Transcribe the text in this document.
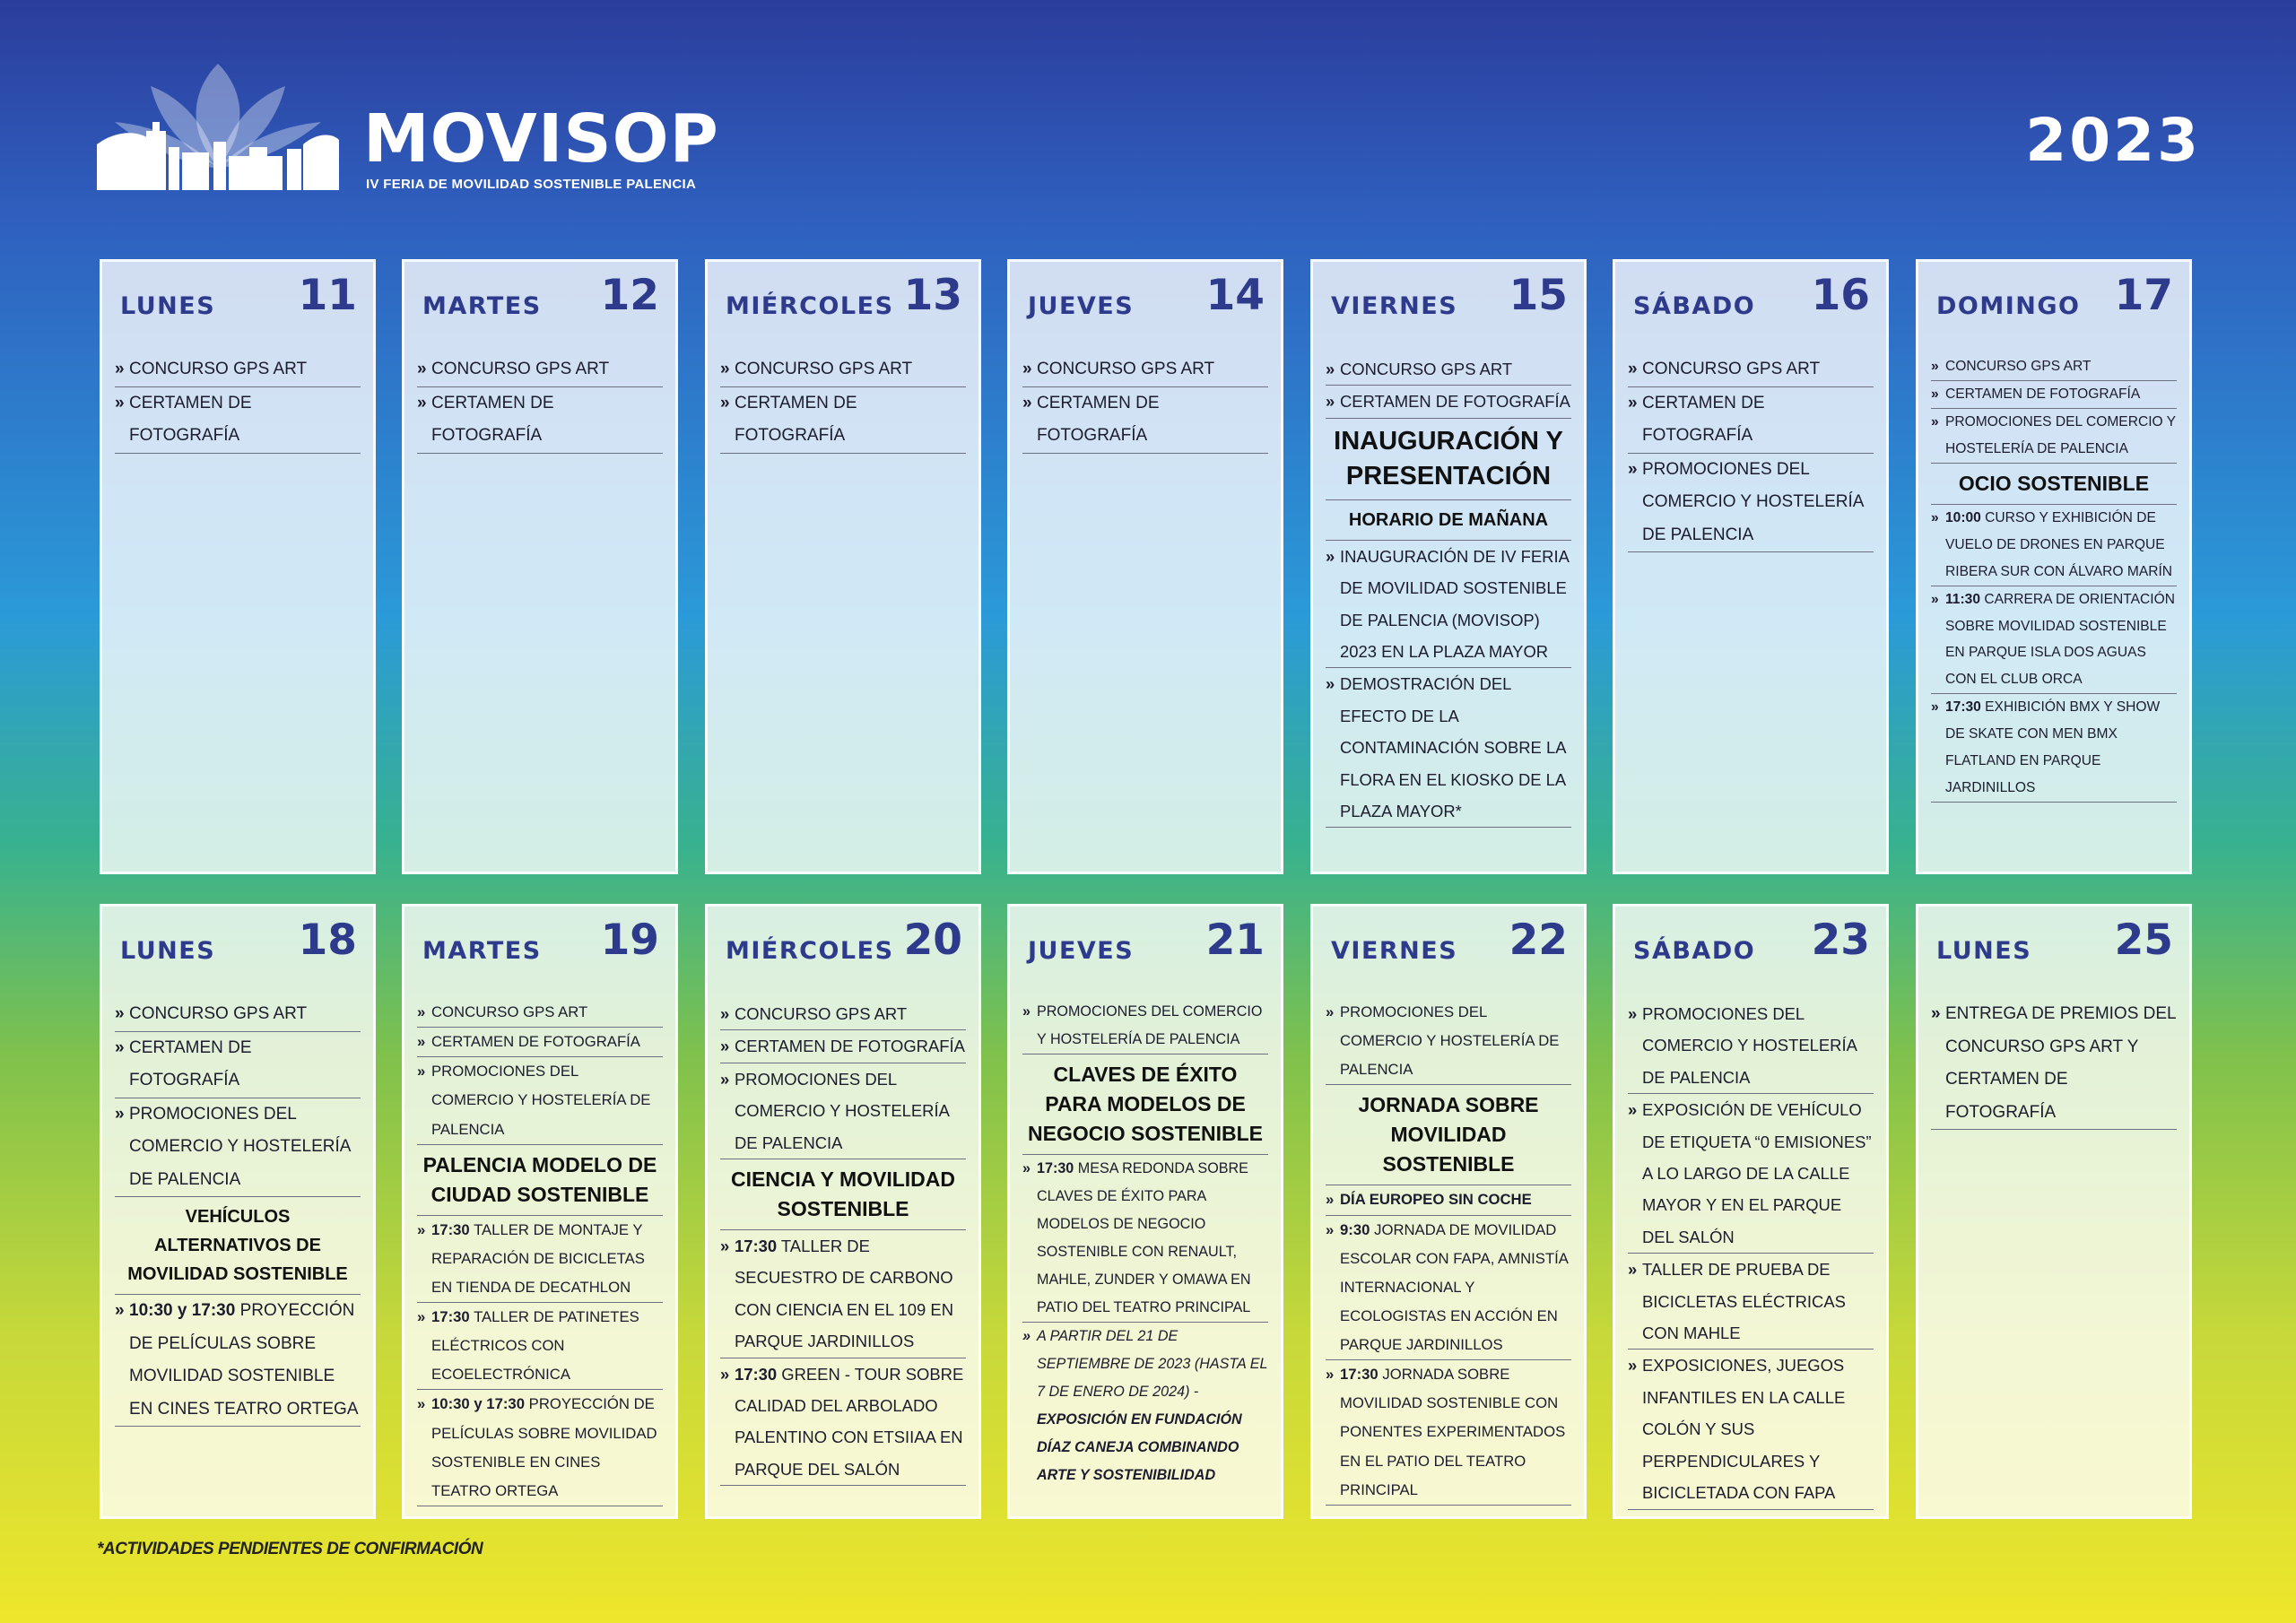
MOVISOP
IV FERIA DE MOVILIDAD SOSTENIBLE PALENCIA
2023
LUNES 11
» CONCURSO GPS ART
» CERTAMEN DE FOTOGRAFÍA
MARTES 12
» CONCURSO GPS ART
» CERTAMEN DE FOTOGRAFÍA
MIÉRCOLES 13
» CONCURSO GPS ART
» CERTAMEN DE FOTOGRAFÍA
JUEVES 14
» CONCURSO GPS ART
» CERTAMEN DE FOTOGRAFÍA
VIERNES 15
» CONCURSO GPS ART
» CERTAMEN DE FOTOGRAFÍA
INAUGURACIÓN Y PRESENTACIÓN
HORARIO DE MAÑANA
» INAUGURACIÓN DE IV FERIA DE MOVILIDAD SOSTENIBLE DE PALENCIA (MOVISOP) 2023 EN LA PLAZA MAYOR
» DEMOSTRACIÓN DEL EFECTO DE LA CONTAMINACIÓN SOBRE LA FLORA EN EL KIOSKO DE LA PLAZA MAYOR*
SÁBADO 16
» CONCURSO GPS ART
» CERTAMEN DE FOTOGRAFÍA
» PROMOCIONES DEL COMERCIO Y HOSTELERÍA DE PALENCIA
DOMINGO 17
» CONCURSO GPS ART
» CERTAMEN DE FOTOGRAFÍA
» PROMOCIONES DEL COMERCIO Y HOSTELERÍA DE PALENCIA
OCIO SOSTENIBLE
» 10:00 CURSO Y EXHIBICIÓN DE VUELO DE DRONES EN PARQUE RIBERA SUR CON ÁLVARO MARÍN
» 11:30 CARRERA DE ORIENTACIÓN SOBRE MOVILIDAD SOSTENIBLE EN PARQUE ISLA DOS AGUAS CON EL CLUB ORCA
» 17:30 EXHIBICIÓN BMX Y SHOW DE SKATE CON MEN BMX FLATLAND EN PARQUE JARDINILLOS
LUNES 18
» CONCURSO GPS ART
» CERTAMEN DE FOTOGRAFÍA
» PROMOCIONES DEL COMERCIO Y HOSTELERÍA DE PALENCIA
VEHÍCULOS ALTERNATIVOS DE MOVILIDAD SOSTENIBLE
» 10:30 y 17:30 PROYECCIÓN DE PELÍCULAS SOBRE MOVILIDAD SOSTENIBLE EN CINES TEATRO ORTEGA
MARTES 19
» CONCURSO GPS ART
» CERTAMEN DE FOTOGRAFÍA
» PROMOCIONES DEL COMERCIO Y HOSTELERÍA DE PALENCIA
PALENCIA MODELO DE CIUDAD SOSTENIBLE
» 17:30 TALLER DE MONTAJE Y REPARACIÓN DE BICICLETAS EN TIENDA DE DECATHLON
» 17:30 TALLER DE PATINETES ELÉCTRICOS CON ECOELECTRÓNICA
» 10:30 y 17:30 PROYECCIÓN DE PELÍCULAS SOBRE MOVILIDAD SOSTENIBLE EN CINES TEATRO ORTEGA
MIÉRCOLES 20
» CONCURSO GPS ART
» CERTAMEN DE FOTOGRAFÍA
» PROMOCIONES DEL COMERCIO Y HOSTELERÍA DE PALENCIA
CIENCIA Y MOVILIDAD SOSTENIBLE
» 17:30 TALLER DE SECUESTRO DE CARBONO CON CIENCIA EN EL 109 EN PARQUE JARDINILLOS
» 17:30 GREEN - TOUR SOBRE CALIDAD DEL ARBOLADO PALENTINO CON ETSIIAA EN PARQUE DEL SALÓN
JUEVES 21
» PROMOCIONES DEL COMERCIO Y HOSTELERÍA DE PALENCIA
CLAVES DE ÉXITO PARA MODELOS DE NEGOCIO SOSTENIBLE
» 17:30 MESA REDONDA SOBRE CLAVES DE ÉXITO PARA MODELOS DE NEGOCIO SOSTENIBLE CON RENAULT, MAHLE, ZUNDER Y OMAWA EN PATIO DEL TEATRO PRINCIPAL
» A PARTIR DEL 21 DE SEPTIEMBRE DE 2023 (HASTA EL 7 DE ENERO DE 2024) - EXPOSICIÓN EN FUNDACIÓN DÍAZ CANEJA COMBINANDO ARTE Y SOSTENIBILIDAD
VIERNES 22
» PROMOCIONES DEL COMERCIO Y HOSTELERÍA DE PALENCIA
JORNADA SOBRE MOVILIDAD SOSTENIBLE
» DÍA EUROPEO SIN COCHE
» 9:30 JORNADA DE MOVILIDAD ESCOLAR CON FAPA, AMNISTÍA INTERNACIONAL Y ECOLOGISTAS EN ACCIÓN EN PARQUE JARDINILLOS
» 17:30 JORNADA SOBRE MOVILIDAD SOSTENIBLE CON PONENTES EXPERIMENTADOS EN EL PATIO DEL TEATRO PRINCIPAL
SÁBADO 23
» PROMOCIONES DEL COMERCIO Y HOSTELERÍA DE PALENCIA
» EXPOSICIÓN DE VEHÍCULO DE ETIQUETA “0 EMISIONES” A LO LARGO DE LA CALLE MAYOR Y EN EL PARQUE DEL SALÓN
» TALLER DE PRUEBA DE BICICLETAS ELÉCTRICAS CON MAHLE
» EXPOSICIONES, JUEGOS INFANTILES EN LA CALLE COLÓN Y SUS PERPENDICULARES Y BICICLETADA CON FAPA
LUNES 25
» ENTREGA DE PREMIOS DEL CONCURSO GPS ART Y CERTAMEN DE FOTOGRAFÍA
*ACTIVIDADES PENDIENTES DE CONFIRMACIÓN
